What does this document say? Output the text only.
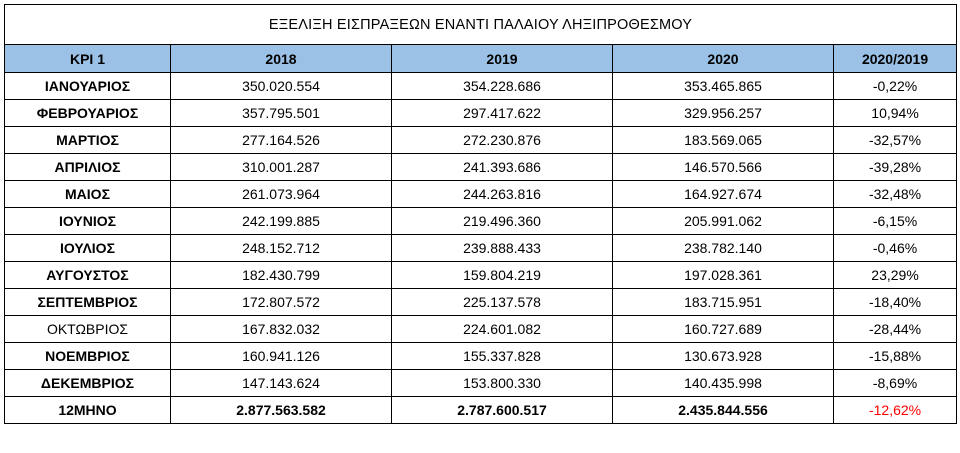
ΕΞΕΛΙΞΗ ΕΙΣΠΡΑΞΕΩΝ ΕΝΑΝΤΙ ΠΑΛΑΙΟΥ ΛΗΞΙΠΡΟΘΕΣΜΟΥ				
KPI 1	2018	2019	2020	2020/2019
ΙΑΝΟΥΑΡΙΟΣ	350.020.554	354.228.686	353.465.865	-0,22%
ΦΕΒΡΟΥΑΡΙΟΣ	357.795.501	297.417.622	329.956.257	10,94%
ΜΑΡΤΙΟΣ	277.164.526	272.230.876	183.569.065	-32,57%
ΑΠΡΙΛΙΟΣ	310.001.287	241.393.686	146.570.566	-39,28%
ΜΑΙΟΣ	261.073.964	244.263.816	164.927.674	-32,48%
ΙΟΥΝΙΟΣ	242.199.885	219.496.360	205.991.062	-6,15%
ΙΟΥΛΙΟΣ	248.152.712	239.888.433	238.782.140	-0,46%
ΑΥΓΟΥΣΤΟΣ	182.430.799	159.804.219	197.028.361	23,29%
ΣΕΠΤΕΜΒΡΙΟΣ	172.807.572	225.137.578	183.715.951	-18,40%
ΟΚΤΩΒΡΙΟΣ	167.832.032	224.601.082	160.727.689	-28,44%
ΝΟΕΜΒΡΙΟΣ	160.941.126	155.337.828	130.673.928	-15,88%
ΔΕΚΕΜΒΡΙΟΣ	147.143.624	153.800.330	140.435.998	-8,69%
12ΜΗΝΟ	2.877.563.582	2.787.600.517	2.435.844.556	-12,62%
